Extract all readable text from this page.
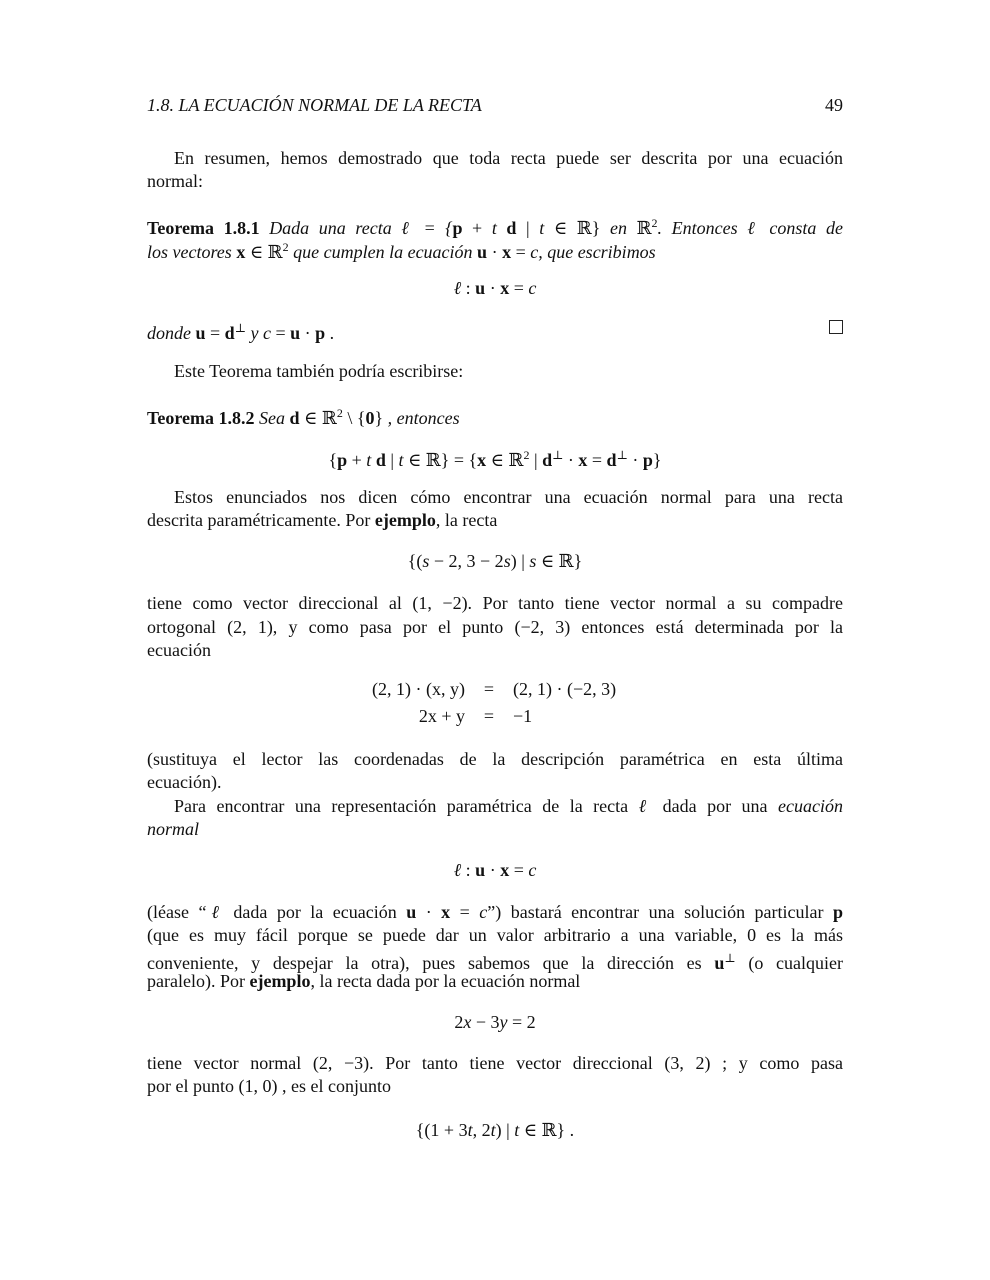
1.8. LA ECUACIÓN NORMAL DE LA RECTA	49
En resumen, hemos demostrado que toda recta puede ser descrita por una ecuación
normal:
Teorema 1.8.1 Dada una recta ℓ = {p + t d | t ∈ ℝ} en ℝ$^2$. Entonces ℓ consta de
los vectores x ∈ ℝ$^2$ que cumplen la ecuación u · x = c, que escribimos
ℓ : u · x = c
donde u = d⊥ y c = u · p .
Este Teorema también podría escribirse:
Teorema 1.8.2 Sea d ∈ ℝ$^2$ \ {0} , entonces
{p + t d | t ∈ ℝ} = {x ∈ ℝ$^2$ | d⊥ · x = d⊥ · p}
Estos enunciados nos dicen cómo encontrar una ecuación normal para una recta
descrita paramétricamente. Por ejemplo, la recta
{(s − 2, 3 − 2s) | s ∈ ℝ}
tiene como vector direccional al (1, −2). Por tanto tiene vector normal a su compadre
ortogonal (2, 1), y como pasa por el punto (−2, 3) entonces está determinada por la
ecuación
(sustituya el lector las coordenadas de la descripción paramétrica en esta última
ecuación).
Para encontrar una representación paramétrica de la recta ℓ dada por una ecuación
normal
ℓ : u · x = c
(léase “ℓ dada por la ecuación u · x = c”) bastará encontrar una solución particular p
(que es muy fácil porque se puede dar un valor arbitrario a una variable, 0 es la más
conveniente, y despejar la otra), pues sabemos que la dirección es u⊥ (o cualquier
paralelo). Por ejemplo, la recta dada por la ecuación normal
2x − 3y = 2
tiene vector normal (2, −3). Por tanto tiene vector direccional (3, 2) ; y como pasa
por el punto (1, 0) , es el conjunto
{(1 + 3t, 2t) | t ∈ ℝ} .
(2, 1) · (x, y)	=	(2, 1) · (−2, 3)
2x + y	=	−1
